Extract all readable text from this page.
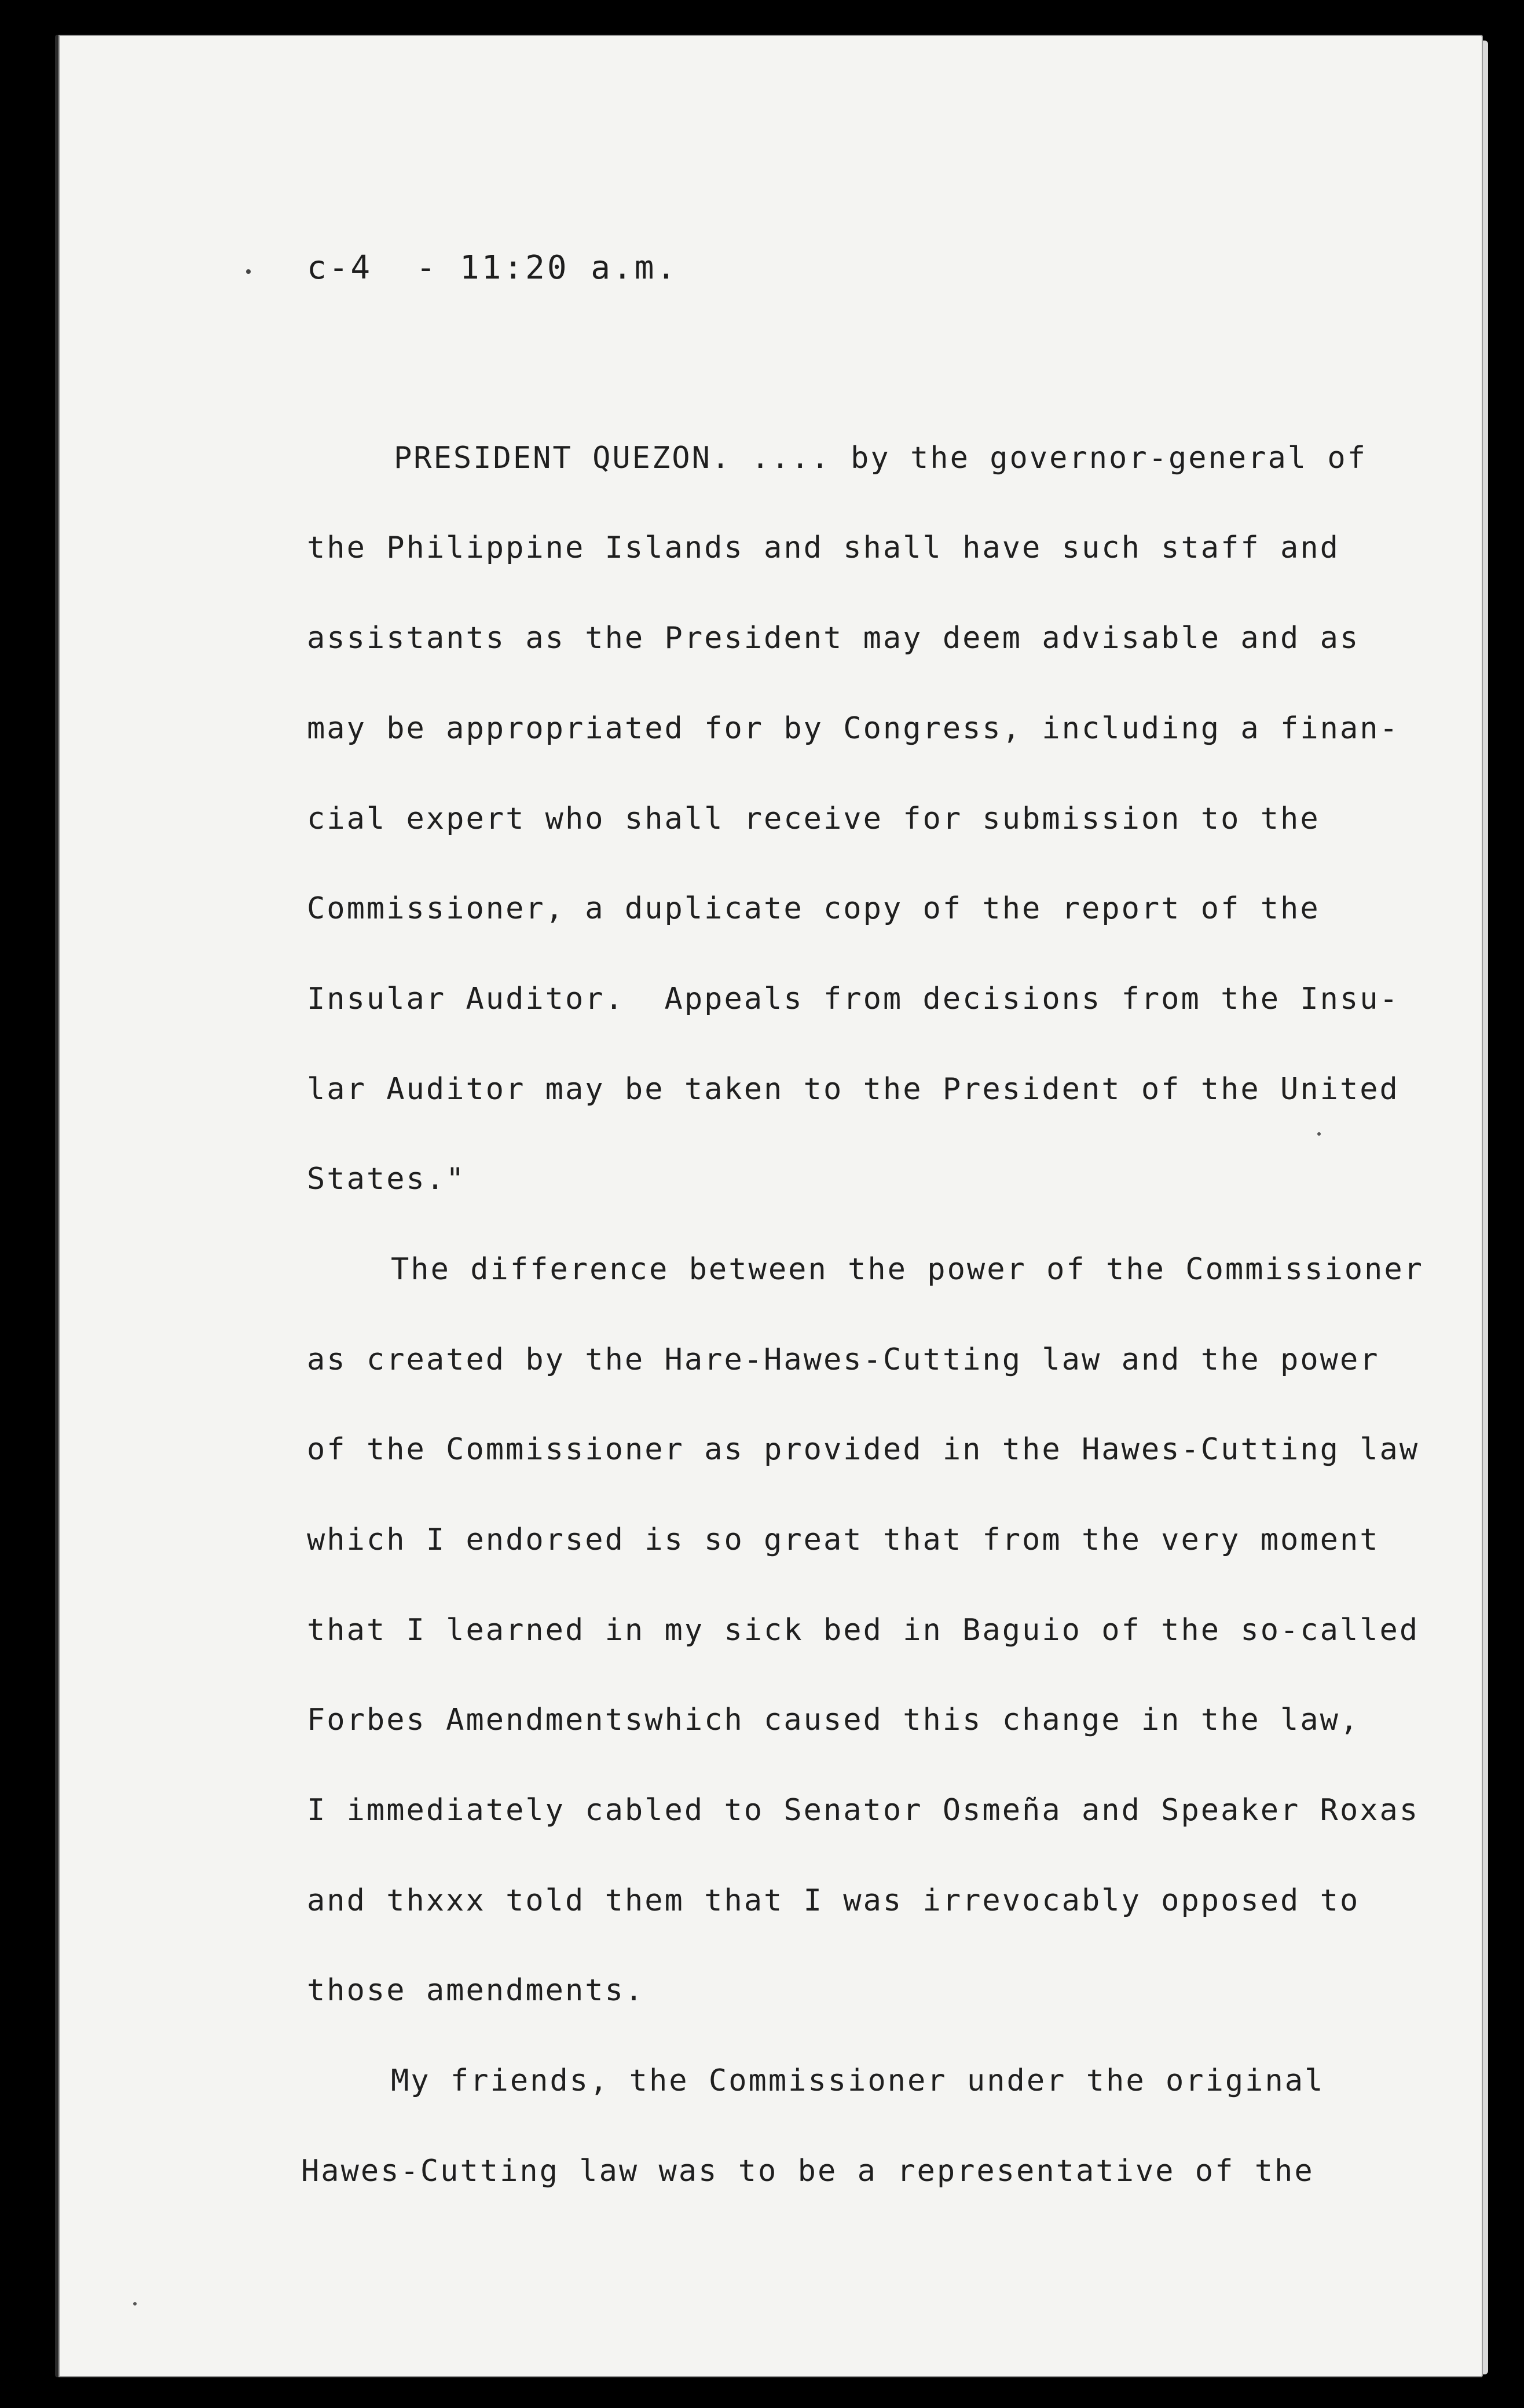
c-4  - 11:20 a.m.
PRESIDENT QUEZON. .... by the governor-general of
the Philippine Islands and shall have such staff and
assistants as the President may deem advisable and as
may be appropriated for by Congress, including a finan-
cial expert who shall receive for submission to the
Commissioner, a duplicate copy of the report of the
Insular Auditor.  Appeals from decisions from the Insu-
lar Auditor may be taken to the President of the United
States."
The difference between the power of the Commissioner
as created by the Hare-Hawes-Cutting law and the power
of the Commissioner as provided in the Hawes-Cutting law
which I endorsed is so great that from the very moment
that I learned in my sick bed in Baguio of the so-called
Forbes Amendmentswhich caused this change in the law,
I immediately cabled to Senator Osmeña and Speaker Roxas
and thxxx told them that I was irrevocably opposed to
those amendments.
My friends, the Commissioner under the original
Hawes-Cutting law was to be a representative of the
